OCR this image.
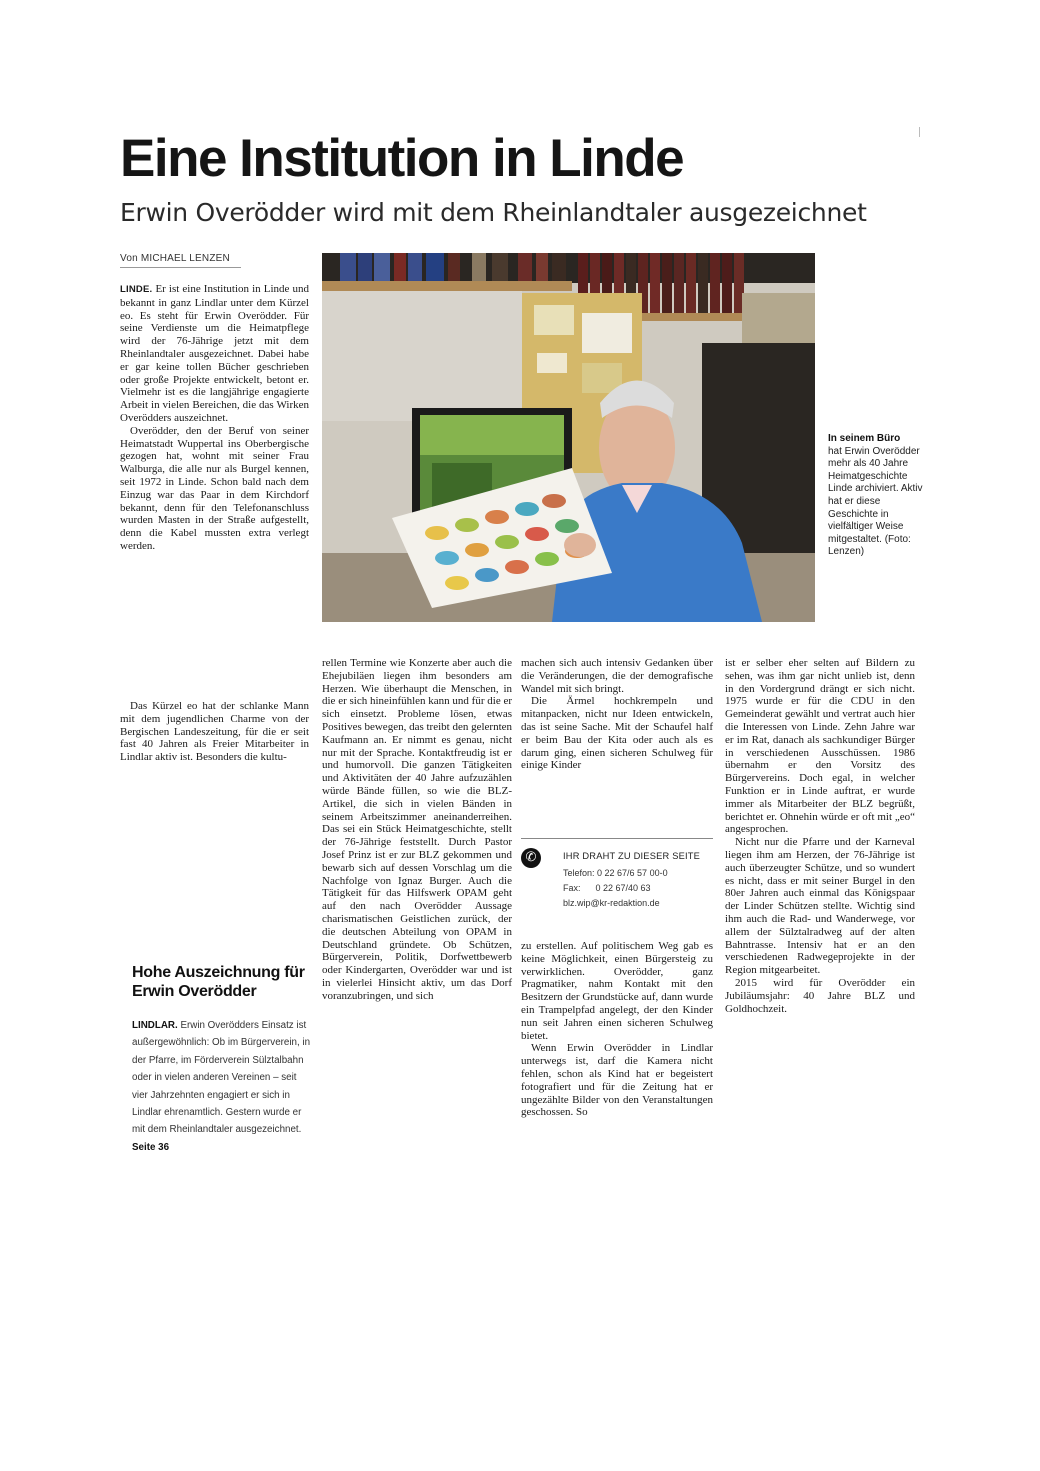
Eine Institution in Linde
Erwin Overödder wird mit dem Rheinlandtaler ausgezeichnet
Von MICHAEL LENZEN

LINDE. Er ist eine Institution in Linde und bekannt in ganz Lindlar unter dem Kürzel eo. Es steht für Erwin Overödder. Für seine Verdienste um die Heimatpflege wird der 76-Jährige jetzt mit dem Rheinlandtaler ausgezeichnet. Dabei habe er gar keine tollen Bücher geschrieben oder große Projekte entwickelt, betont er. Vielmehr ist es die langjährige engagierte Arbeit in vielen Bereichen, die das Wirken Overödders auszeichnet.

Overödder, den der Beruf von seiner Heimatstadt Wuppertal ins Oberbergische gezogen hat, wohnt mit seiner Frau Walburga, die alle nur als Burgel kennen, seit 1972 in Linde. Schon bald nach dem Einzug war das Paar in dem Kirchdorf bekannt, denn für den Telefonanschluss wurden Masten in der Straße aufgestellt, denn die Kabel mussten extra verlegt werden.

Das Kürzel eo hat der schlanke Mann mit dem jugendlichen Charme von der Bergischen Landeszeitung, für die er seit fast 40 Jahren als Freier Mitarbeiter in Lindlar aktiv ist. Besonders die kultu-

In seinem Büro
hat Erwin Overödder mehr als 40 Jahre Heimatgeschichte Linde archiviert. Aktiv hat er diese Geschichte in vielfältiger Weise mitgestaltet. (Foto: Lenzen)

rellen Termine wie Konzerte aber auch die Ehejubiläen liegen ihm besonders am Herzen. Wie überhaupt die Menschen, in die er sich hineinfühlen kann und für die er sich einsetzt. Probleme lösen, etwas Positives bewegen, das treibt den gelernten Kaufmann an. Er nimmt es genau, nicht nur mit der Sprache. Kontaktfreudig ist er und humorvoll. Die ganzen Tätigkeiten und Aktivitäten der 40 Jahre aufzuzählen würde Bände füllen, so wie die BLZ-Artikel, die sich in vielen Bänden in seinem Arbeitszimmer aneinanderreihen. Das sei ein Stück Heimatgeschichte, stellt der 76-Jährige feststellt. Durch Pastor Josef Prinz ist er zur BLZ gekommen und bewarb sich auf dessen Vorschlag um die Nachfolge von Ignaz Burger. Auch die Tätigkeit für das Hilfswerk OPAM geht auf den nach Overödder Aussage charismatischen Geistlichen zurück, der die deutschen Abteilung von OPAM in Deutschland gründete. Ob Schützen, Bürgerverein, Politik, Dorfwettbewerb oder Kindergarten, Overödder war und ist in vielerlei Hinsicht aktiv, um das Dorf voranzubringen, und sich

machen sich auch intensiv Gedanken über die Veränderungen, die der demografische Wandel mit sich bringt.

Die Ärmel hochkrempeln und mitanpacken, nicht nur Ideen entwickeln, das ist seine Sache. Mit der Schaufel half er beim Bau der Kita oder auch als es darum ging, einen sicheren Schulweg für einige Kinder

✆	IHR DRAHT ZU DIESER SEITE
Telefon: 0 22 67/6 57 00-0
Fax:      0 22 67/40 63
blz.wip@kr-redaktion.de

zu erstellen. Auf politischem Weg gab es keine Möglichkeit, einen Bürgersteig zu verwirklichen. Overödder, ganz Pragmatiker, nahm Kontakt mit den Besitzern der Grundstücke auf, dann wurde ein Trampelpfad angelegt, der den Kinder nun seit Jahren einen sicheren Schulweg bietet.

Wenn Erwin Overödder in Lindlar unterwegs ist, darf die Kamera nicht fehlen, schon als Kind hat er begeistert fotografiert und für die Zeitung hat er ungezählte Bilder von den Veranstaltungen geschossen. So

ist er selber eher selten auf Bildern zu sehen, was ihm gar nicht unlieb ist, denn in den Vordergrund drängt er sich nicht. 1975 wurde er für die CDU in den Gemeinderat gewählt und vertrat auch hier die Interessen von Linde. Zehn Jahre war er im Rat, danach als sachkundiger Bürger in verschiedenen Ausschüssen. 1986 übernahm er den Vorsitz des Bürgervereins. Doch egal, in welcher Funktion er in Linde auftrat, er wurde immer als Mitarbeiter der BLZ begrüßt, berichtet er. Ohnehin würde er oft mit „eo“ angesprochen.

Nicht nur die Pfarre und der Karneval liegen ihm am Herzen, der 76-Jährige ist auch überzeugter Schütze, und so wundert es nicht, dass er mit seiner Burgel in den 80er Jahren auch einmal das Königspaar der Linder Schützen stellte. Wichtig sind ihm auch die Rad- und Wanderwege, vor allem der Sülztalradweg auf der alten Bahntrasse. Intensiv hat er an den verschiedenen Radwegeprojekte in der Region mitgearbeitet.

2015 wird für Overödder ein Jubiläumsjahr: 40 Jahre BLZ und Goldhochzeit.

Hohe Auszeichnung für Erwin Overödder
LINDLAR. Erwin Overödders Einsatz ist außergewöhnlich: Ob im Bürgerverein, in der Pfarre, im Förderverein Sülztalbahn oder in vielen anderen Vereinen – seit vier Jahrzehnten engagiert er sich in Lindlar ehrenamtlich. Gestern wurde er mit dem Rheinlandtaler ausgezeichnet. Seite 36
